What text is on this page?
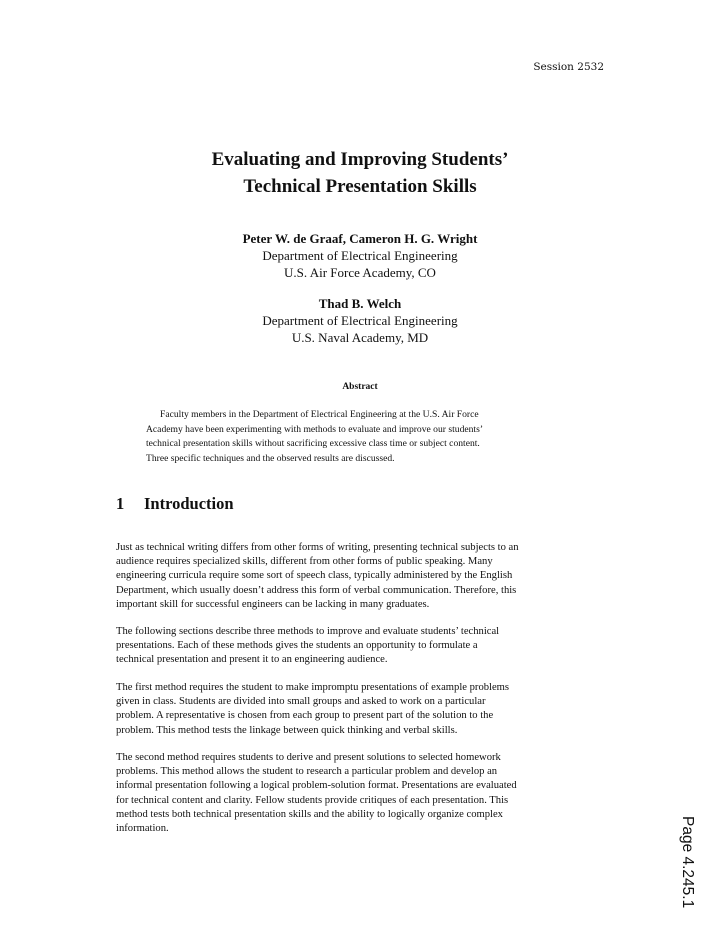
Session 2532
Evaluating and Improving Students’
Technical Presentation Skills
Peter W. de Graaf, Cameron H. G. Wright
Department of Electrical Engineering
U.S. Air Force Academy, CO
Thad B. Welch
Department of Electrical Engineering
U.S. Naval Academy, MD
Abstract
Faculty members in the Department of Electrical Engineering at the U.S. Air Force
Academy have been experimenting with methods to evaluate and improve our students’
technical presentation skills without sacrificing excessive class time or subject content.
Three specific techniques and the observed results are discussed.
1 Introduction
Just as technical writing differs from other forms of writing, presenting technical subjects to an
audience requires specialized skills, different from other forms of public speaking. Many
engineering curricula require some sort of speech class, typically administered by the English
Department, which usually doesn’t address this form of verbal communication. Therefore, this
important skill for successful engineers can be lacking in many graduates.
The following sections describe three methods to improve and evaluate students’ technical
presentations. Each of these methods gives the students an opportunity to formulate a
technical presentation and present it to an engineering audience.
The first method requires the student to make impromptu presentations of example problems
given in class. Students are divided into small groups and asked to work on a particular
problem. A representative is chosen from each group to present part of the solution to the
problem. This method tests the linkage between quick thinking and verbal skills.
The second method requires students to derive and present solutions to selected homework
problems. This method allows the student to research a particular problem and develop an
informal presentation following a logical problem-solution format. Presentations are evaluated
for technical content and clarity. Fellow students provide critiques of each presentation. This
method tests both technical presentation skills and the ability to logically organize complex
information.	Page 4.245.1
